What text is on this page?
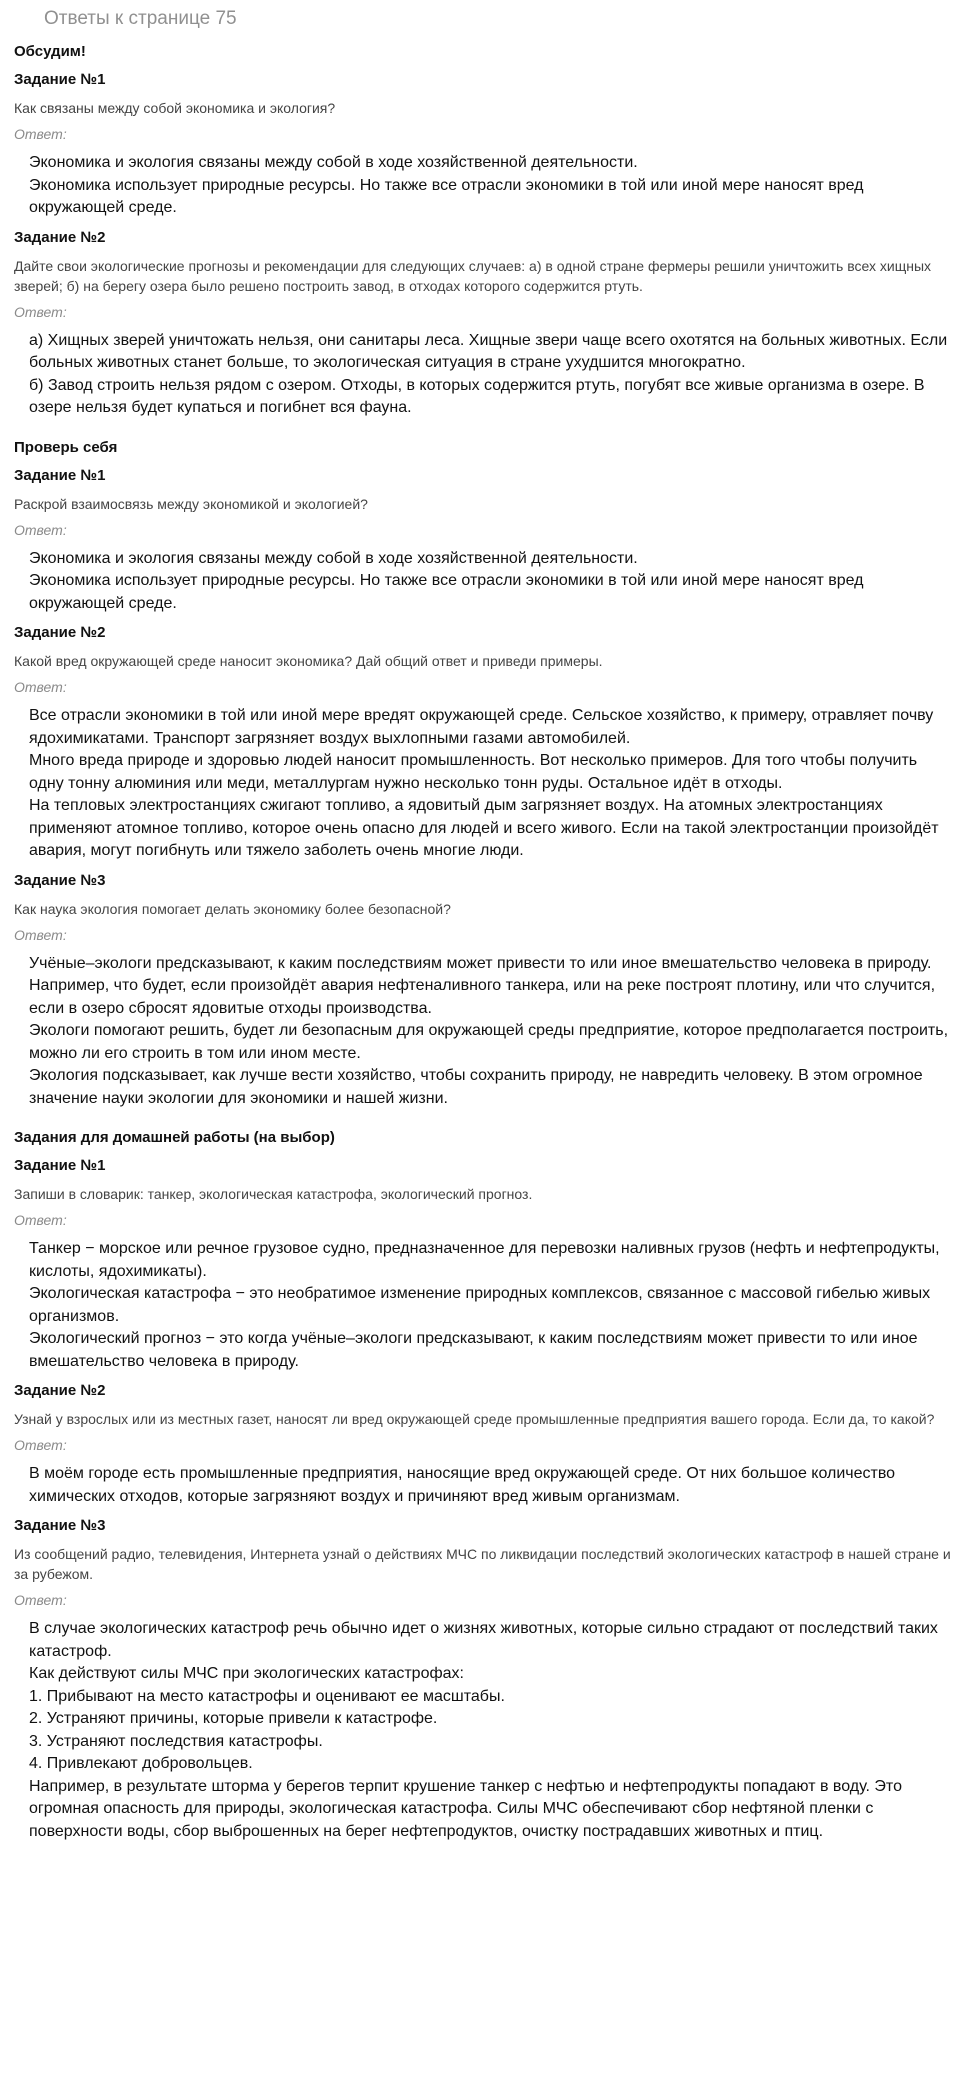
Ответы к странице 75
Обсудим!
Задание №1
Как связаны между собой экономика и экология?
Ответ:
Экономика и экология связаны между собой в ходе хозяйственной деятельности.
Экономика использует природные ресурсы. Но также все отрасли экономики в той или иной мере наносят вред окружающей среде.
Задание №2
Дайте свои экологические прогнозы и рекомендации для следующих случаев: а) в одной стране фермеры решили уничтожить всех хищных зверей; б) на берегу озера было решено построить завод, в отходах которого содержится ртуть.
Ответ:
а) Хищных зверей уничтожать нельзя, они санитары леса. Хищные звери чаще всего охотятся на больных животных. Если больных животных станет больше, то экологическая ситуация в стране ухудшится многократно.
б) Завод строить нельзя рядом с озером. Отходы, в которых содержится ртуть, погубят все живые организма в озере. В озере нельзя будет купаться и погибнет вся фауна.
Проверь себя
Задание №1
Раскрой взаимосвязь между экономикой и экологией?
Ответ:
Экономика и экология связаны между собой в ходе хозяйственной деятельности.
Экономика использует природные ресурсы. Но также все отрасли экономики в той или иной мере наносят вред окружающей среде.
Задание №2
Какой вред окружающей среде наносит экономика? Дай общий ответ и приведи примеры.
Ответ:
Все отрасли экономики в той или иной мере вредят окружающей среде. Сельское хозяйство, к примеру, отравляет почву ядохимикатами. Транспорт загрязняет воздух выхлопными газами автомобилей.
Много вреда природе и здоровью людей наносит промышленность. Вот несколько примеров. Для того чтобы получить одну тонну алюминия или меди, металлургам нужно несколько тонн руды. Остальное идёт в отходы.
На тепловых электростанциях сжигают топливо, а ядовитый дым загрязняет воздух. На атомных электростанциях применяют атомное топливо, которое очень опасно для людей и всего живого. Если на такой электростанции произойдёт авария, могут погибнуть или тяжело заболеть очень многие люди.
Задание №3
Как наука экология помогает делать экономику более безопасной?
Ответ:
Учёные–экологи предсказывают, к каким последствиям может привести то или иное вмешательство человека в природу. Например, что будет, если произойдёт авария нефтеналивного танкера, или на реке построят плотину, или что случится, если в озеро сбросят ядовитые отходы производства.
Экологи помогают решить, будет ли безопасным для окружающей среды предприятие, которое предполагается построить, можно ли его строить в том или ином месте.
Экология подсказывает, как лучше вести хозяйство, чтобы сохранить природу, не навредить человеку. В этом огромное значение науки экологии для экономики и нашей жизни.
Задания для домашней работы (на выбор)
Задание №1
Запиши в словарик: танкер, экологическая катастрофа, экологический прогноз.
Ответ:
Танкер − морское или речное грузовое судно, предназначенное для перевозки наливных грузов (нефть и нефтепродукты, кислоты, ядохимикаты).
Экологическая катастрофа − это необратимое изменение природных комплексов, связанное с массовой гибелью живых организмов.
Экологический прогноз − это когда учёные–экологи предсказывают, к каким последствиям может привести то или иное вмешательство человека в природу.
Задание №2
Узнай у взрослых или из местных газет, наносят ли вред окружающей среде промышленные предприятия вашего города. Если да, то какой?
Ответ:
В моём городе есть промышленные предприятия, наносящие вред окружающей среде. От них большое количество химических отходов, которые загрязняют воздух и причиняют вред живым организмам.
Задание №3
Из сообщений радио, телевидения, Интернета узнай о действиях МЧС по ликвидации последствий экологических катастроф в нашей стране и за рубежом.
Ответ:
В случае экологических катастроф речь обычно идет о жизнях животных, которые сильно страдают от последствий таких катастроф.
Как действуют силы МЧС при экологических катастрофах:
1. Прибывают на место катастрофы и оценивают ее масштабы.
2. Устраняют причины, которые привели к катастрофе.
3. Устраняют последствия катастрофы.
4. Привлекают добровольцев.
Например, в результате шторма у берегов терпит крушение танкер с нефтью и нефтепродукты попадают в воду. Это огромная опасность для природы, экологическая катастрофа. Силы МЧС обеспечивают сбор нефтяной пленки с поверхности воды, сбор выброшенных на берег нефтепродуктов, очистку пострадавших животных и птиц.
